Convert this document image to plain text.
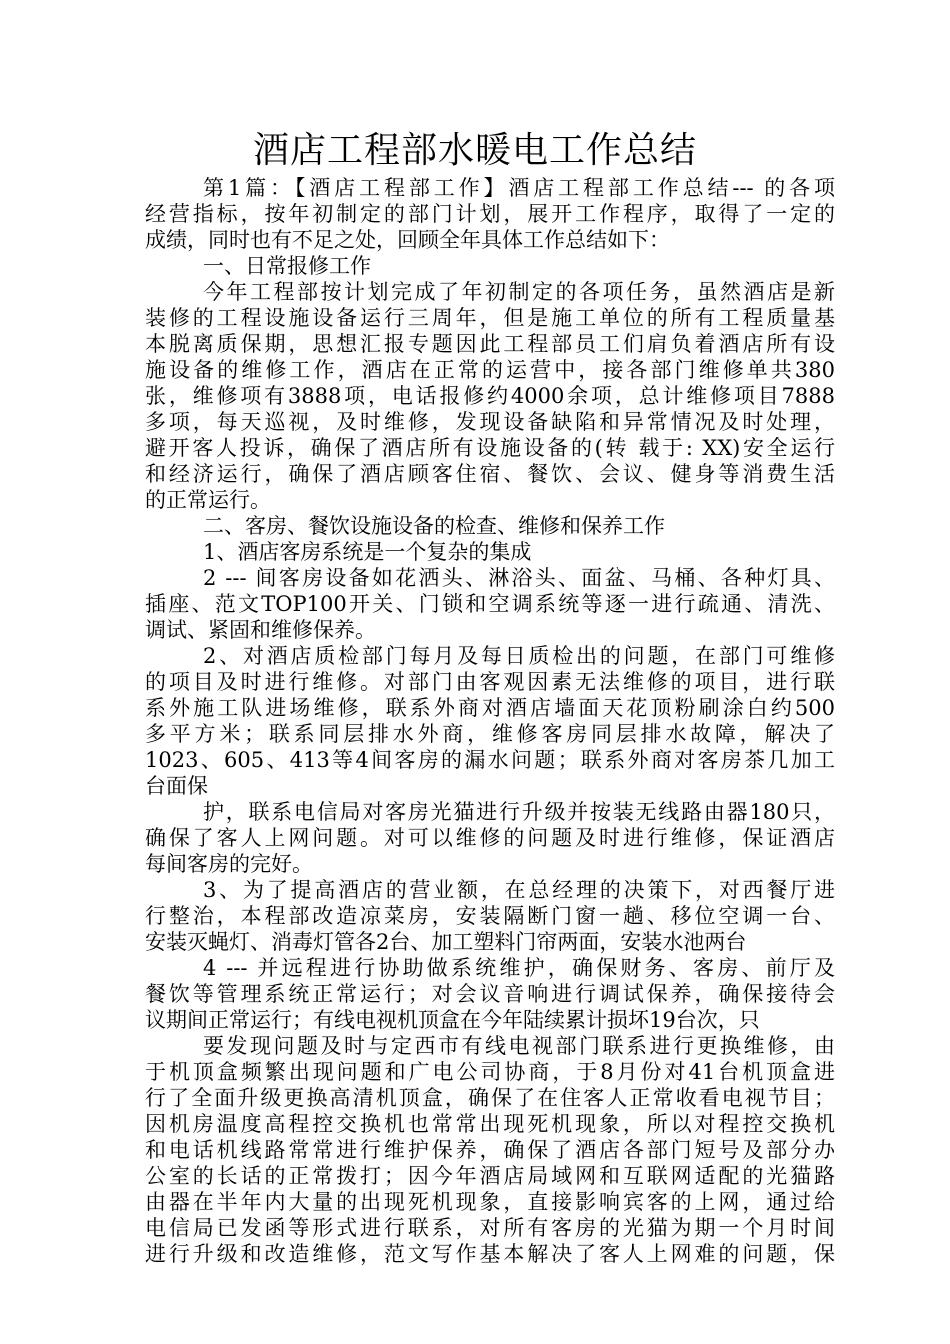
酒店工程部水暖电工作总结
第1篇：【酒店工程部工作】酒店工程部工作总结--- 的各项
经营指标，按年初制定的部门计划，展开工作程序，取得了一定的
成绩，同时也有不足之处，回顾全年具体工作总结如下：
一、日常报修工作
今年工程部按计划完成了年初制定的各项任务，虽然酒店是新
装修的工程设施设备运行三周年，但是施工单位的所有工程质量基
本脱离质保期，思想汇报专题因此工程部员工们肩负着酒店所有设
施设备的维修工作，酒店在正常的运营中，接各部门维修单共380
张，维修项有3888项，电话报修约4000余项，总计维修项目7888
多项，每天巡视，及时维修，发现设备缺陷和异常情况及时处理，
避开客人投诉，确保了酒店所有设施设备的(转 载于: XX)安全运行
和经济运行，确保了酒店顾客住宿、餐饮、会议、健身等消费生活
的正常运行。
二、客房、餐饮设施设备的检查、维修和保养工作
1、酒店客房系统是一个复杂的集成
2 --- 间客房设备如花洒头、淋浴头、面盆、马桶、各种灯具、
插座、范文TOP100开关、门锁和空调系统等逐一进行疏通、清洗、
调试、紧固和维修保养。
2、对酒店质检部门每月及每日质检出的问题，在部门可维修
的项目及时进行维修。对部门由客观因素无法维修的项目，进行联
系外施工队进场维修，联系外商对酒店墙面天花顶粉刷涂白约500
多平方米；联系同层排水外商，维修客房同层排水故障，解决了
1023、605、413等4间客房的漏水问题；联系外商对客房茶几加工
台面保
护，联系电信局对客房光猫进行升级并按装无线路由器180只，
确保了客人上网问题。对可以维修的问题及时进行维修，保证酒店
每间客房的完好。
3、为了提高酒店的营业额，在总经理的决策下，对西餐厅进
行整治，本程部改造凉菜房，安装隔断门窗一趟、移位空调一台、
安装灭蝇灯、消毒灯管各2台、加工塑料门帘两面，安装水池两台
4 --- 并远程进行协助做系统维护，确保财务、客房、前厅及
餐饮等管理系统正常运行；对会议音响进行调试保养，确保接待会
议期间正常运行；有线电视机顶盒在今年陆续累计损坏19台次，只
要发现问题及时与定西市有线电视部门联系进行更换维修，由
于机顶盒频繁出现问题和广电公司协商，于8月份对41台机顶盒进
行了全面升级更换高清机顶盒，确保了在住客人正常收看电视节目；
因机房温度高程控交换机也常常出现死机现象，所以对程控交换机
和电话机线路常常进行维护保养，确保了酒店各部门短号及部分办
公室的长话的正常拨打；因今年酒店局域网和互联网适配的光猫路
由器在半年内大量的出现死机现象，直接影响宾客的上网，通过给
电信局已发函等形式进行联系，对所有客房的光猫为期一个月时间
进行升级和改造维修，范文写作基本解决了客人上网难的问题，保
